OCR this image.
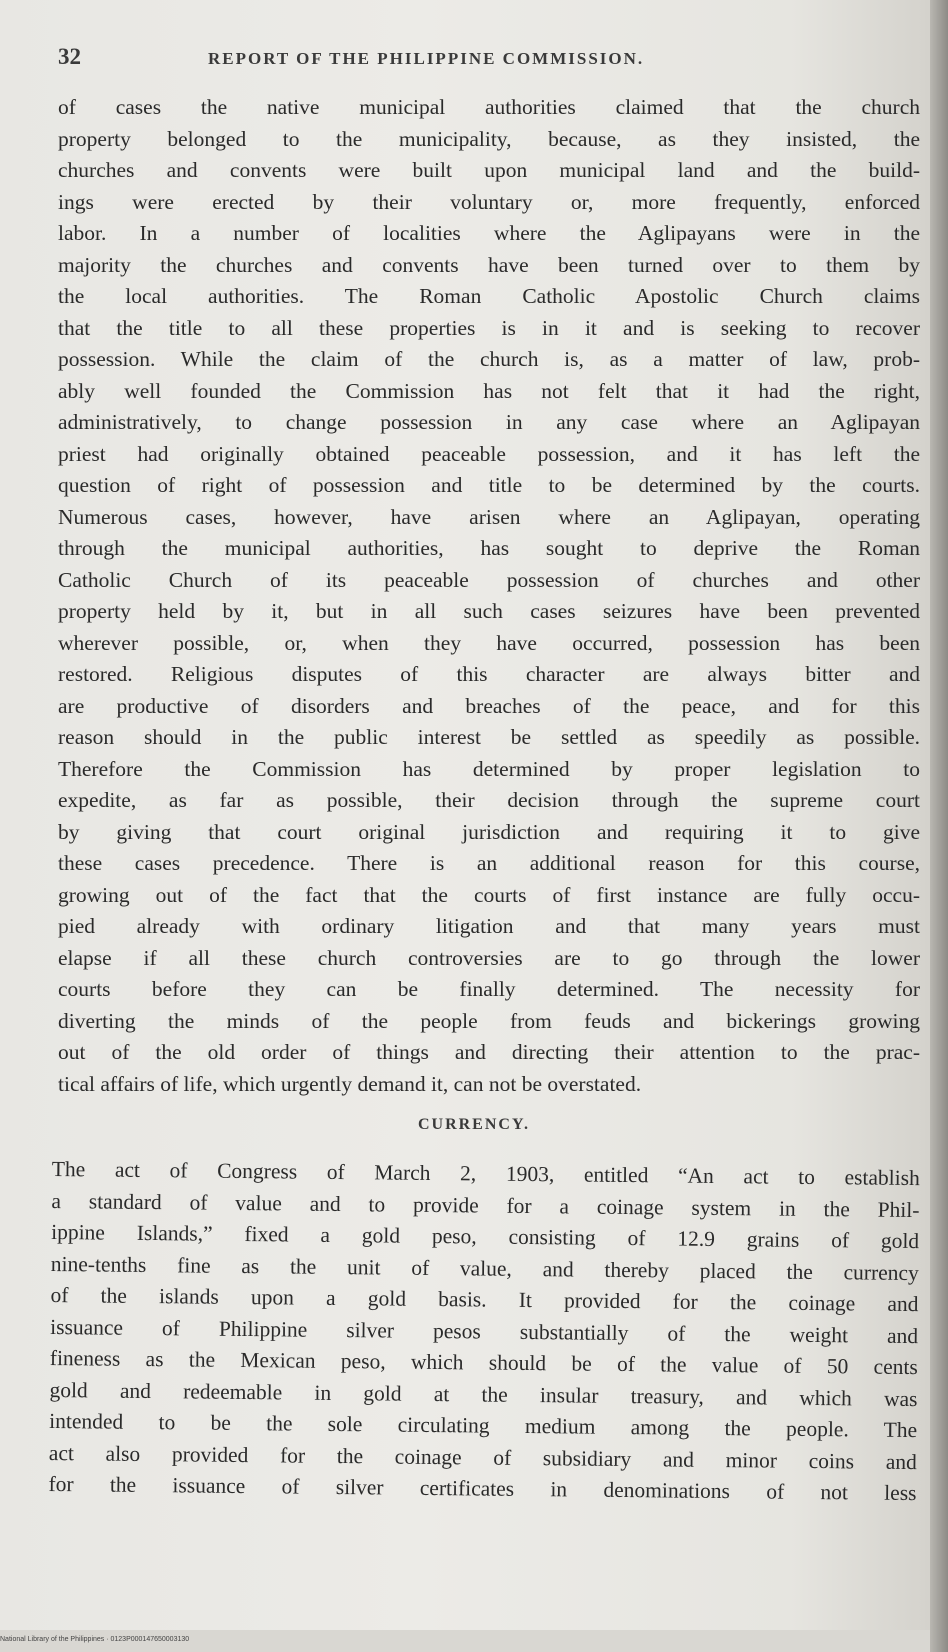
32	REPORT OF THE PHILIPPINE COMMISSION.
of cases the native municipal authorities claimed that the church
property belonged to the municipality, because, as they insisted, the
churches and convents were built upon municipal land and the build-
ings were erected by their voluntary or, more frequently, enforced
labor. In a number of localities where the Aglipayans were in the
majority the churches and convents have been turned over to them by
the local authorities. The Roman Catholic Apostolic Church claims
that the title to all these properties is in it and is seeking to recover
possession. While the claim of the church is, as a matter of law, prob-
ably well founded the Commission has not felt that it had the right,
administratively, to change possession in any case where an Aglipayan
priest had originally obtained peaceable possession, and it has left the
question of right of possession and title to be determined by the courts.
Numerous cases, however, have arisen where an Aglipayan, operating
through the municipal authorities, has sought to deprive the Roman
Catholic Church of its peaceable possession of churches and other
property held by it, but in all such cases seizures have been prevented
wherever possible, or, when they have occurred, possession has been
restored. Religious disputes of this character are always bitter and
are productive of disorders and breaches of the peace, and for this
reason should in the public interest be settled as speedily as possible.
Therefore the Commission has determined by proper legislation to
expedite, as far as possible, their decision through the supreme court
by giving that court original jurisdiction and requiring it to give
these cases precedence. There is an additional reason for this course,
growing out of the fact that the courts of first instance are fully occu-
pied already with ordinary litigation and that many years must
elapse if all these church controversies are to go through the lower
courts before they can be finally determined. The necessity for
diverting the minds of the people from feuds and bickerings growing
out of the old order of things and directing their attention to the prac-
tical affairs of life, which urgently demand it, can not be overstated.
CURRENCY.
The act of Congress of March 2, 1903, entitled “An act to establish
a standard of value and to provide for a coinage system in the Phil-
ippine Islands,” fixed a gold peso, consisting of 12.9 grains of gold
nine-tenths fine as the unit of value, and thereby placed the currency
of the islands upon a gold basis. It provided for the coinage and
issuance of Philippine silver pesos substantially of the weight and
fineness as the Mexican peso, which should be of the value of 50 cents
gold and redeemable in gold at the insular treasury, and which was
intended to be the sole circulating medium among the people. The
act also provided for the coinage of subsidiary and minor coins and
for the issuance of silver certificates in denominations of not less
National Library of the Philippines · 0123P000147650003130
